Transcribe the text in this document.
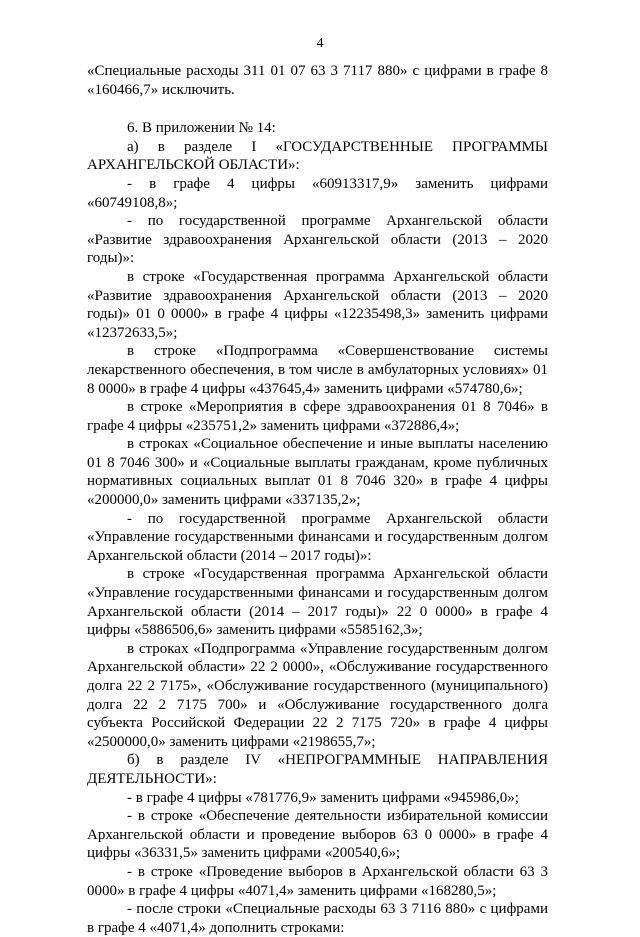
4

«Специальные расходы 311 01 07 63 3 7117 880» с цифрами в графе 8 «160466,7» исключить.

6. В приложении № 14:

а) в разделе I «ГОСУДАРСТВЕННЫЕ ПРОГРАММЫ АРХАНГЕЛЬСКОЙ ОБЛАСТИ»:

- в графе 4 цифры «60913317,9» заменить цифрами «60749108,8»;

- по государственной программе Архангельской области «Развитие здравоохранения Архангельской области (2013 – 2020 годы)»:

в строке «Государственная программа Архангельской области «Развитие здравоохранения Архангельской области (2013 – 2020 годы)» 01 0 0000» в графе 4 цифры «12235498,3» заменить цифрами «12372633,5»;

в строке «Подпрограмма «Совершенствование системы лекарственного обеспечения, в том числе в амбулаторных условиях» 01 8 0000» в графе 4 цифры «437645,4» заменить цифрами «574780,6»;

в строке «Мероприятия в сфере здравоохранения 01 8 7046» в графе 4 цифры «235751,2» заменить цифрами «372886,4»;

в строках «Социальное обеспечение и иные выплаты населению 01 8 7046 300» и «Социальные выплаты гражданам, кроме публичных нормативных социальных выплат 01 8 7046 320» в графе 4 цифры «200000,0» заменить цифрами «337135,2»;

- по государственной программе Архангельской области «Управление государственными финансами и государственным долгом Архангельской области (2014 – 2017 годы)»:

в строке «Государственная программа Архангельской области «Управление государственными финансами и государственным долгом Архангельской области (2014 – 2017 годы)» 22 0 0000» в графе 4 цифры «5886506,6» заменить цифрами «5585162,3»;

в строках «Подпрограмма «Управление государственным долгом Архангельской области» 22 2 0000», «Обслуживание государственного долга 22 2 7175», «Обслуживание государственного (муниципального) долга 22 2 7175 700» и «Обслуживание государственного долга субъекта Российской Федерации 22 2 7175 720» в графе 4 цифры «2500000,0» заменить цифрами «2198655,7»;

б) в разделе IV «НЕПРОГРАММНЫЕ НАПРАВЛЕНИЯ ДЕЯТЕЛЬНОСТИ»:

- в графе 4 цифры «781776,9» заменить цифрами «945986,0»;

- в строке «Обеспечение деятельности избирательной комиссии Архангельской области и проведение выборов 63 0 0000» в графе 4 цифры «36331,5» заменить цифрами «200540,6»;

- в строке «Проведение выборов в Архангельской области 63 3 0000» в графе 4 цифры «4071,4» заменить цифрами «168280,5»;

- после строки «Специальные расходы 63 3 7116 880» с цифрами в графе 4 «4071,4» дополнить строками:
